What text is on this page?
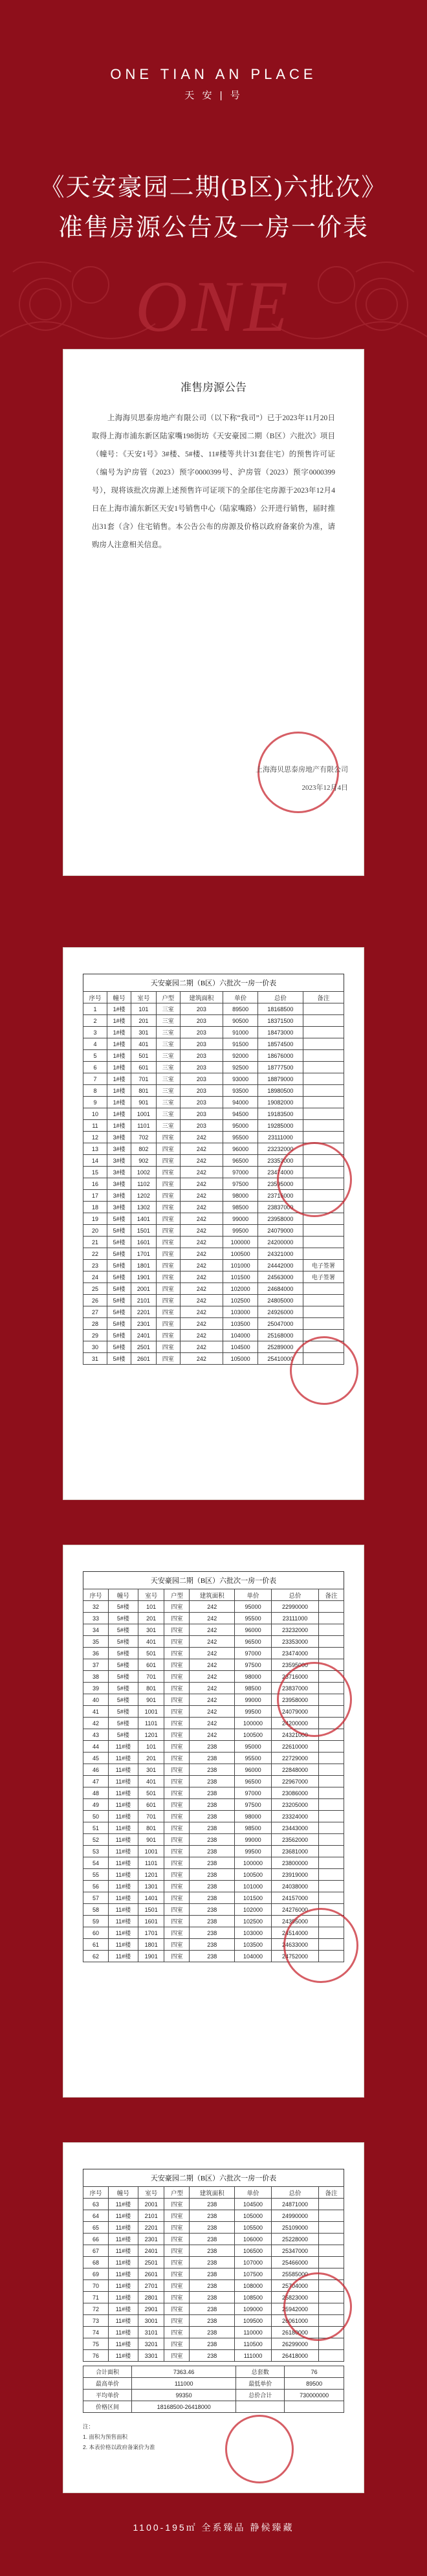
ONE TIAN AN PLACE
天 安 | 号
《天安豪园二期(B区)六批次》
准售房源公告及一房一价表
ONE
准售房源公告
上海海贝思泰房地产有限公司（以下称“我司”）已于2023年11月20日取得上海市浦东新区陆家嘴198街坊《天安豪园二期（B区）六批次》项目（幢号：《天安1号》3#楼、5#楼、11#楼等共计31套住宅）的预售许可证（编号为沪房管（2023）预字0000399号、沪房管（2023）预字0000399号），现将该批次房源上述预售许可证项下的全部住宅房源于2023年12月4日在上海市浦东新区天安1号销售中心（陆家嘴路）公开进行销售，届时推出31套（含）住宅销售。本公告公布的房源及价格以政府备案价为准，请购房人注意相关信息。
上海海贝思泰房地产有限公司
2023年12月4日
天安豪园二期（B区）六批次一房一价表
序号	幢号	室号	户型	建筑面积	单价	总价	备注
1	1#楼	101	三室	203	89500	18168500	
2	1#楼	201	三室	203	90500	18371500	
3	1#楼	301	三室	203	91000	18473000	
4	1#楼	401	三室	203	91500	18574500	
5	1#楼	501	三室	203	92000	18676000	
6	1#楼	601	三室	203	92500	18777500	
7	1#楼	701	三室	203	93000	18879000	
8	1#楼	801	三室	203	93500	18980500	
9	1#楼	901	三室	203	94000	19082000	
10	1#楼	1001	三室	203	94500	19183500	
11	1#楼	1101	三室	203	95000	19285000	
12	3#楼	702	四室	242	95500	23111000	
13	3#楼	802	四室	242	96000	23232000	
14	3#楼	902	四室	242	96500	23353000	
15	3#楼	1002	四室	242	97000	23474000	
16	3#楼	1102	四室	242	97500	23595000	
17	3#楼	1202	四室	242	98000	23716000	
18	3#楼	1302	四室	242	98500	23837000	
19	5#楼	1401	四室	242	99000	23958000	
20	5#楼	1501	四室	242	99500	24079000	
21	5#楼	1601	四室	242	100000	24200000	
22	5#楼	1701	四室	242	100500	24321000	
23	5#楼	1801	四室	242	101000	24442000	电子签署
24	5#楼	1901	四室	242	101500	24563000	电子签署
25	5#楼	2001	四室	242	102000	24684000	
26	5#楼	2101	四室	242	102500	24805000	
27	5#楼	2201	四室	242	103000	24926000	
28	5#楼	2301	四室	242	103500	25047000	
29	5#楼	2401	四室	242	104000	25168000	
30	5#楼	2501	四室	242	104500	25289000	
31	5#楼	2601	四室	242	105000	25410000	
天安豪园二期（B区）六批次一房一价表
序号	幢号	室号	户型	建筑面积	单价	总价	备注
32	5#楼	101	四室	242	95000	22990000	
33	5#楼	201	四室	242	95500	23111000	
34	5#楼	301	四室	242	96000	23232000	
35	5#楼	401	四室	242	96500	23353000	
36	5#楼	501	四室	242	97000	23474000	
37	5#楼	601	四室	242	97500	23595000	
38	5#楼	701	四室	242	98000	23716000	
39	5#楼	801	四室	242	98500	23837000	
40	5#楼	901	四室	242	99000	23958000	
41	5#楼	1001	四室	242	99500	24079000	
42	5#楼	1101	四室	242	100000	24200000	
43	5#楼	1201	四室	242	100500	24321000	
44	11#楼	101	四室	238	95000	22610000	
45	11#楼	201	四室	238	95500	22729000	
46	11#楼	301	四室	238	96000	22848000	
47	11#楼	401	四室	238	96500	22967000	
48	11#楼	501	四室	238	97000	23086000	
49	11#楼	601	四室	238	97500	23205000	
50	11#楼	701	四室	238	98000	23324000	
51	11#楼	801	四室	238	98500	23443000	
52	11#楼	901	四室	238	99000	23562000	
53	11#楼	1001	四室	238	99500	23681000	
54	11#楼	1101	四室	238	100000	23800000	
55	11#楼	1201	四室	238	100500	23919000	
56	11#楼	1301	四室	238	101000	24038000	
57	11#楼	1401	四室	238	101500	24157000	
58	11#楼	1501	四室	238	102000	24276000	
59	11#楼	1601	四室	238	102500	24395000	
60	11#楼	1701	四室	238	103000	24514000	
61	11#楼	1801	四室	238	103500	24633000	
62	11#楼	1901	四室	238	104000	24752000	
天安豪园二期（B区）六批次一房一价表
序号	幢号	室号	户型	建筑面积	单价	总价	备注
63	11#楼	2001	四室	238	104500	24871000	
64	11#楼	2101	四室	238	105000	24990000	
65	11#楼	2201	四室	238	105500	25109000	
66	11#楼	2301	四室	238	106000	25228000	
67	11#楼	2401	四室	238	106500	25347000	
68	11#楼	2501	四室	238	107000	25466000	
69	11#楼	2601	四室	238	107500	25585000	
70	11#楼	2701	四室	238	108000	25704000	
71	11#楼	2801	四室	238	108500	25823000	
72	11#楼	2901	四室	238	109000	25942000	
73	11#楼	3001	四室	238	109500	26061000	
74	11#楼	3101	四室	238	110000	26180000	
75	11#楼	3201	四室	238	110500	26299000	
76	11#楼	3301	四室	238	111000	26418000	
合计面积	7363.46	总套数	76
最高单价	111000	最低单价	89500
平均单价	99350	总价合计	730000000
价格区间	18168500-26418000		
注：
1. 面积为预售面积
2. 本表价格以政府备案价为准
1100-195㎡ 全系臻品 静候臻藏
